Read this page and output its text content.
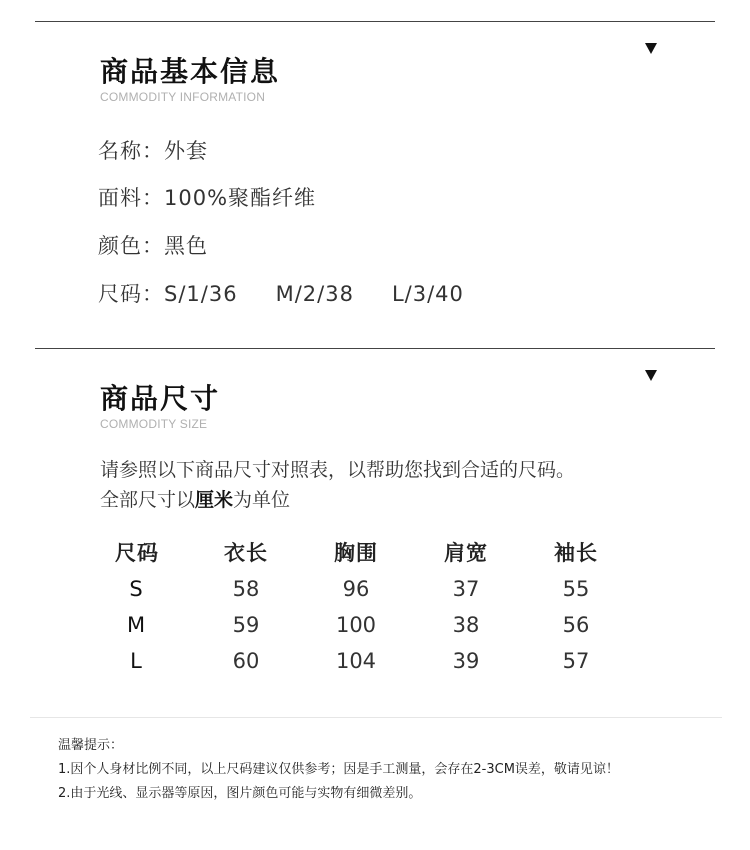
商品基本信息
COMMODITY INFORMATION
名称：外套
面料：100%聚酯纤维
颜色：黑色
尺码：S/1/36 M/2/38 L/3/40
商品尺寸
COMMODITY SIZE
请参照以下商品尺寸对照表，以帮助您找到合适的尺码。
全部尺寸以厘米为单位
尺码	衣长	胸围	肩宽	袖长
S	58	96	37	55
M	59	100	38	56
L	60	104	39	57
温馨提示：
1.因个人身材比例不同，以上尺码建议仅供参考；因是手工测量，会存在2-3CM误差，敬请见谅！
2.由于光线、显示器等原因，图片颜色可能与实物有细微差别。
